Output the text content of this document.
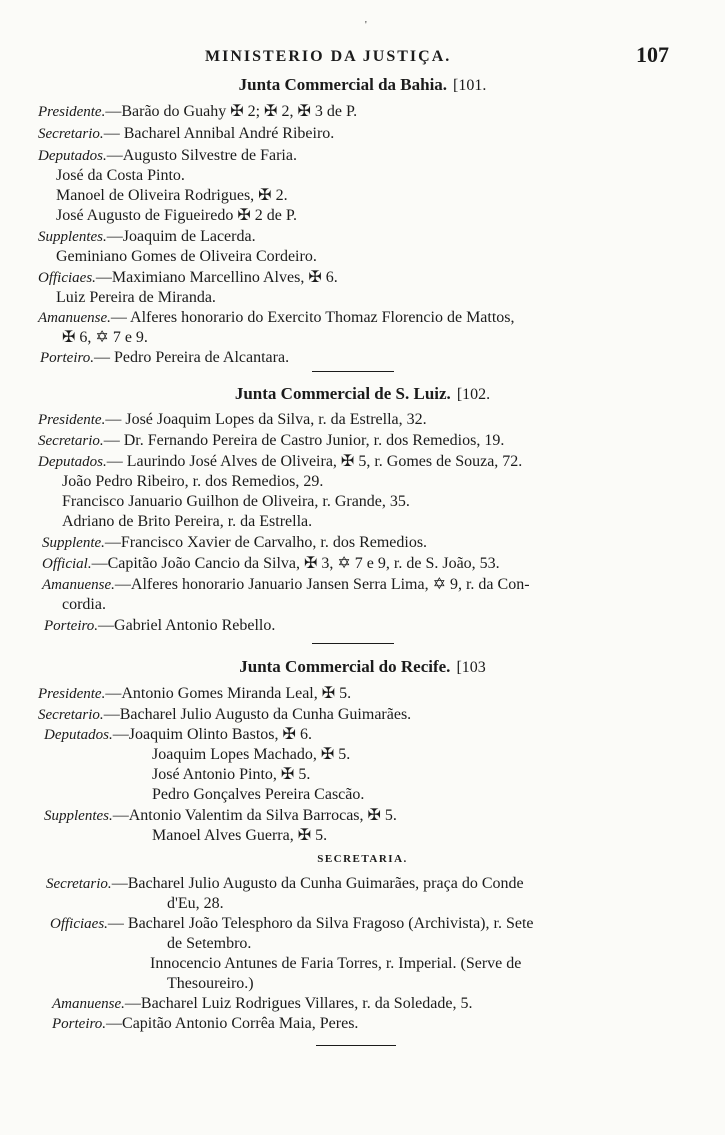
'
MINISTERIO DA JUSTIÇA.	107
Junta Commercial da Bahia. [101.
Presidente.—Barão do Guahy ✠ 2; ✠ 2, ✠ 3 de P.
Secretario.— Bacharel Annibal André Ribeiro.
Deputados.—Augusto Silvestre de Faria.
José da Costa Pinto.
Manoel de Oliveira Rodrigues, ✠ 2.
José Augusto de Figueiredo ✠ 2 de P.
Supplentes.—Joaquim de Lacerda.
Geminiano Gomes de Oliveira Cordeiro.
Officiaes.—Maximiano Marcellino Alves, ✠ 6.
Luiz Pereira de Miranda.
Amanuense.— Alferes honorario do Exercito Thomaz Florencio de Mattos,
✠ 6, ✡ 7 e 9.
Porteiro.— Pedro Pereira de Alcantara.
Junta Commercial de S. Luiz. [102.
Presidente.— José Joaquim Lopes da Silva, r. da Estrella, 32.
Secretario.— Dr. Fernando Pereira de Castro Junior, r. dos Remedios, 19.
Deputados.— Laurindo José Alves de Oliveira, ✠ 5, r. Gomes de Souza, 72.
João Pedro Ribeiro, r. dos Remedios, 29.
Francisco Januario Guilhon de Oliveira, r. Grande, 35.
Adriano de Brito Pereira, r. da Estrella.
Supplente.—Francisco Xavier de Carvalho, r. dos Remedios.
Official.—Capitão João Cancio da Silva, ✠ 3, ✡ 7 e 9, r. de S. João, 53.
Amanuense.—Alferes honorario Januario Jansen Serra Lima, ✡ 9, r. da Con-
cordia.
Porteiro.—Gabriel Antonio Rebello.
Junta Commercial do Recife. [103
Presidente.—Antonio Gomes Miranda Leal, ✠ 5.
Secretario.—Bacharel Julio Augusto da Cunha Guimarães.
Deputados.—Joaquim Olinto Bastos, ✠ 6.
Joaquim Lopes Machado, ✠ 5.
José Antonio Pinto, ✠ 5.
Pedro Gonçalves Pereira Cascão.
Supplentes.—Antonio Valentim da Silva Barrocas, ✠ 5.
Manoel Alves Guerra, ✠ 5.
SECRETARIA.
Secretario.—Bacharel Julio Augusto da Cunha Guimarães, praça do Conde
d'Eu, 28.
Officiaes.— Bacharel João Telesphoro da Silva Fragoso (Archivista), r. Sete
de Setembro.
Innocencio Antunes de Faria Torres, r. Imperial. (Serve de
Thesoureiro.)
Amanuense.—Bacharel Luiz Rodrigues Villares, r. da Soledade, 5.
Porteiro.—Capitão Antonio Corrêa Maia, Peres.
